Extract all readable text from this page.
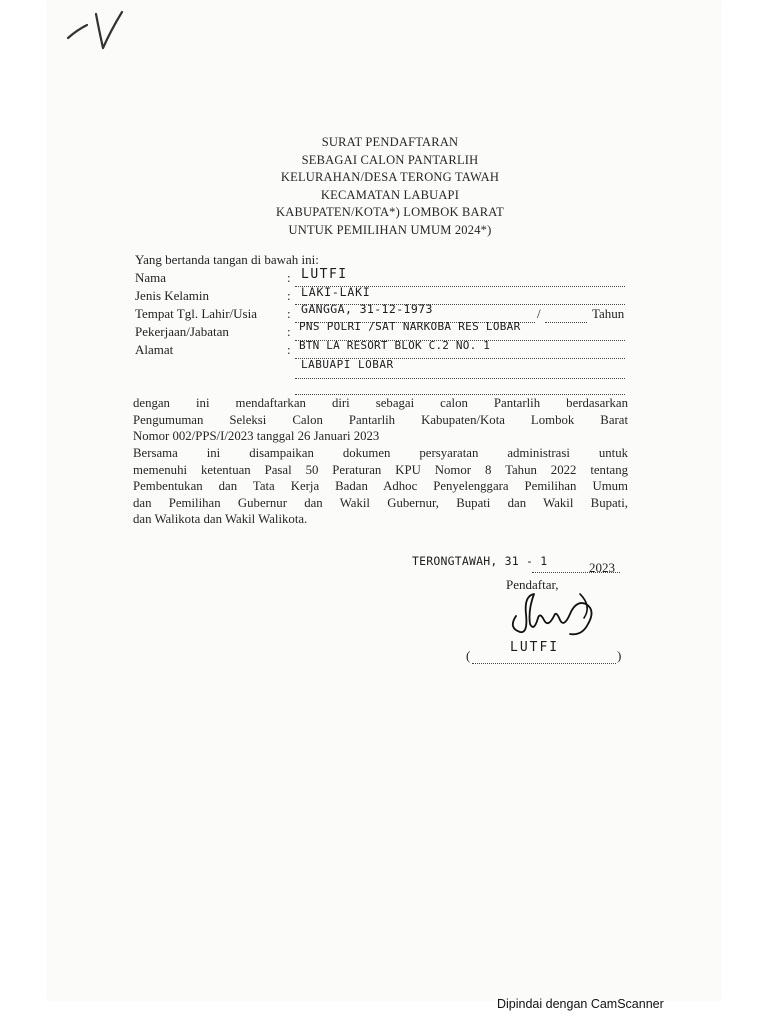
SURAT PENDAFTARAN
SEBAGAI CALON PANTARLIH
KELURAHAN/DESA TERONG TAWAH
KECAMATAN LABUAPI
KABUPATEN/KOTA*) LOMBOK BARAT
UNTUK PEMILIHAN UMUM 2024*)
Yang bertanda tangan di bawah ini:
Nama	: LUTFI
Jenis Kelamin	: LAKI-LAKI
Tempat Tgl. Lahir/Usia : GANGGA, 31-12-1973	/	Tahun
Pekerjaan/Jabatan	: PNS POLRI /SAT NARKOBA RES LOBAR
Alamat	: BTN LA RESORT BLOK C.2 NO. 1
LABUAPI LOBAR
dengan ini mendaftarkan diri sebagai calon Pantarlih berdasarkan
Pengumuman Seleksi Calon Pantarlih Kabupaten/Kota Lombok Barat
Nomor 002/PPS/I/2023 tanggal 26 Januari 2023
Bersama ini disampaikan dokumen persyaratan administrasi untuk
memenuhi ketentuan Pasal 50 Peraturan KPU Nomor 8 Tahun 2022 tentang
Pembentukan dan Tata Kerja Badan Adhoc Penyelenggara Pemilihan Umum
dan Pemilihan Gubernur dan Wakil Gubernur, Bupati dan Wakil Bupati,
dan Walikota dan Wakil Walikota.
TERONGTAWAH, 31 - 1	2023
Pendaftar,
(
LUTFI
)
Dipindai dengan CamScanner
